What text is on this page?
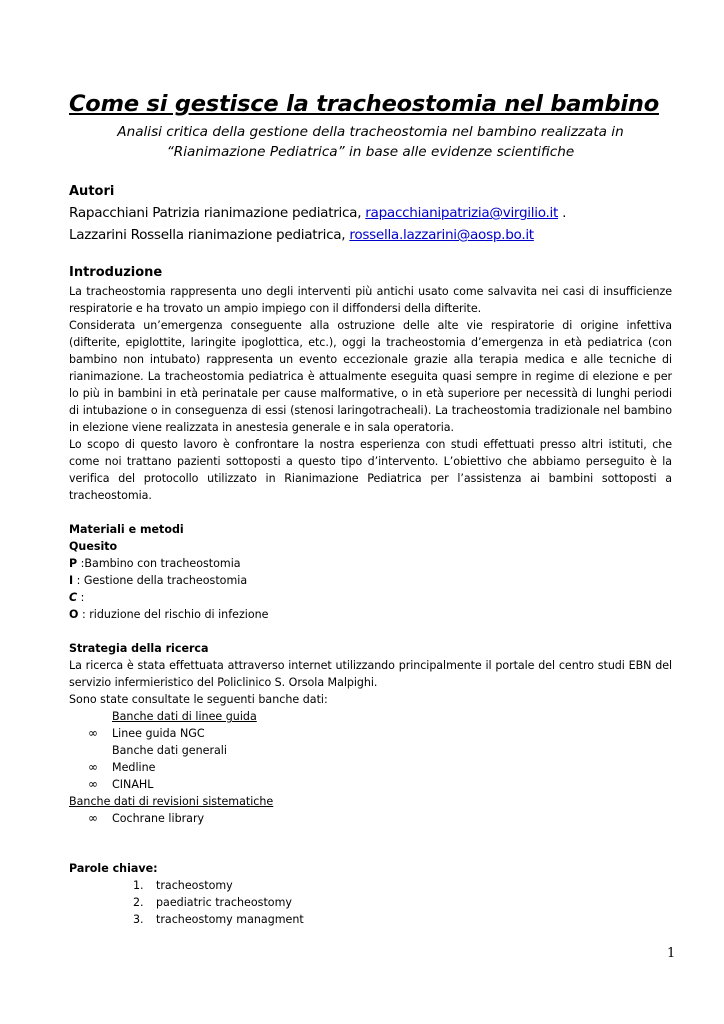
Come si gestisce la tracheostomia nel bambino
Analisi critica della gestione della tracheostomia nel bambino realizzata in “Rianimazione Pediatrica” in base alle evidenze scientifiche
Autori
Rapacchiani Patrizia rianimazione pediatrica, rapacchianipatrizia@virgilio.it .
Lazzarini Rossella rianimazione pediatrica, rossella.lazzarini@aosp.bo.it
Introduzione

La tracheostomia rappresenta uno degli interventi più antichi usato come salvavita nei casi di insufficienze respiratorie e ha trovato un ampio impiego con il diffondersi della difterite.

Considerata un’emergenza conseguente alla ostruzione delle alte vie respiratorie di origine infettiva (difterite, epiglottite, laringite ipoglottica, etc.), oggi la tracheostomia d’emergenza in età pediatrica (con bambino non intubato) rappresenta un evento eccezionale grazie alla terapia medica e alle tecniche di rianimazione. La tracheostomia pediatrica è attualmente eseguita quasi sempre in regime di elezione e per lo più in bambini in età perinatale per cause malformative, o in età superiore per necessità di lunghi periodi di intubazione o in conseguenza di essi (stenosi laringotracheali). La tracheostomia tradizionale nel bambino in elezione viene realizzata in anestesia generale e in sala operatoria.

Lo scopo di questo lavoro è confrontare la nostra esperienza con studi effettuati presso altri istituti, che come noi trattano pazienti sottoposti a questo tipo d’intervento. L’obiettivo che abbiamo perseguito è la verifica del protocollo utilizzato in Rianimazione Pediatrica per l’assistenza ai bambini sottoposti a tracheostomia.

Materiali e metodi
Quesito
P :Bambino con tracheostomia
I : Gestione della tracheostomia
C :
O : riduzione del rischio di infezione
Strategia della ricerca
La ricerca è stata effettuata attraverso internet utilizzando principalmente il portale del centro studi EBN del servizio infermieristico del Policlinico S. Orsola Malpighi.
Sono state consultate le seguenti banche dati:
Banche dati di linee guida
∞ Linee guida NGC
Banche dati generali
∞ Medline
∞ CINAHL
Banche dati di revisioni sistematiche
∞ Cochrane library
Parole chiave:
1. tracheostomy
2. paediatric tracheostomy
3. tracheostomy managment
1
